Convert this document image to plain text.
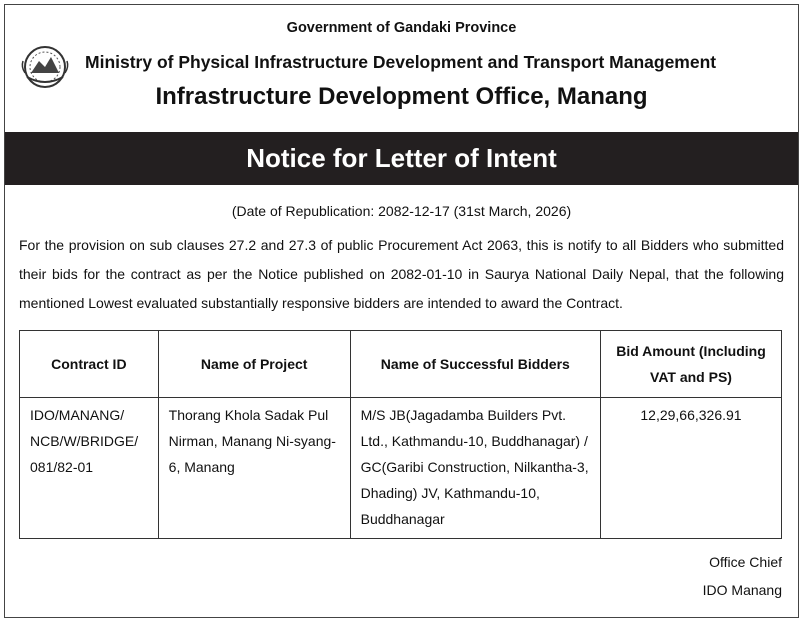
Government of Gandaki Province
Ministry of Physical Infrastructure Development and Transport Management
Infrastructure Development Office, Manang
Notice for Letter of Intent
(Date of Republication: 2082-12-17 (31st March, 2026)
For the provision on sub clauses 27.2 and 27.3 of public Procurement Act 2063, this is notify to all Bidders who submitted their bids for the contract as per the Notice published on 2082-01-10 in Saurya National Daily Nepal, that the following mentioned Lowest evaluated substantially responsive bidders are intended to award the Contract.
Contract ID	Name of Project	Name of Successful Bidders	Bid Amount (Including VAT and PS)
IDO/MANANG/ NCB/W/BRIDGE/ 081/82-01	Thorang Khola Sadak Pul Nirman, Manang Ni-syang-6, Manang	M/S JB(Jagadamba Builders Pvt. Ltd., Kathmandu-10, Buddhanagar) / GC(Garibi Construction, Nilkantha-3, Dhading) JV, Kathmandu-10, Buddhanagar	12,29,66,326.91
Office Chief
IDO Manang
